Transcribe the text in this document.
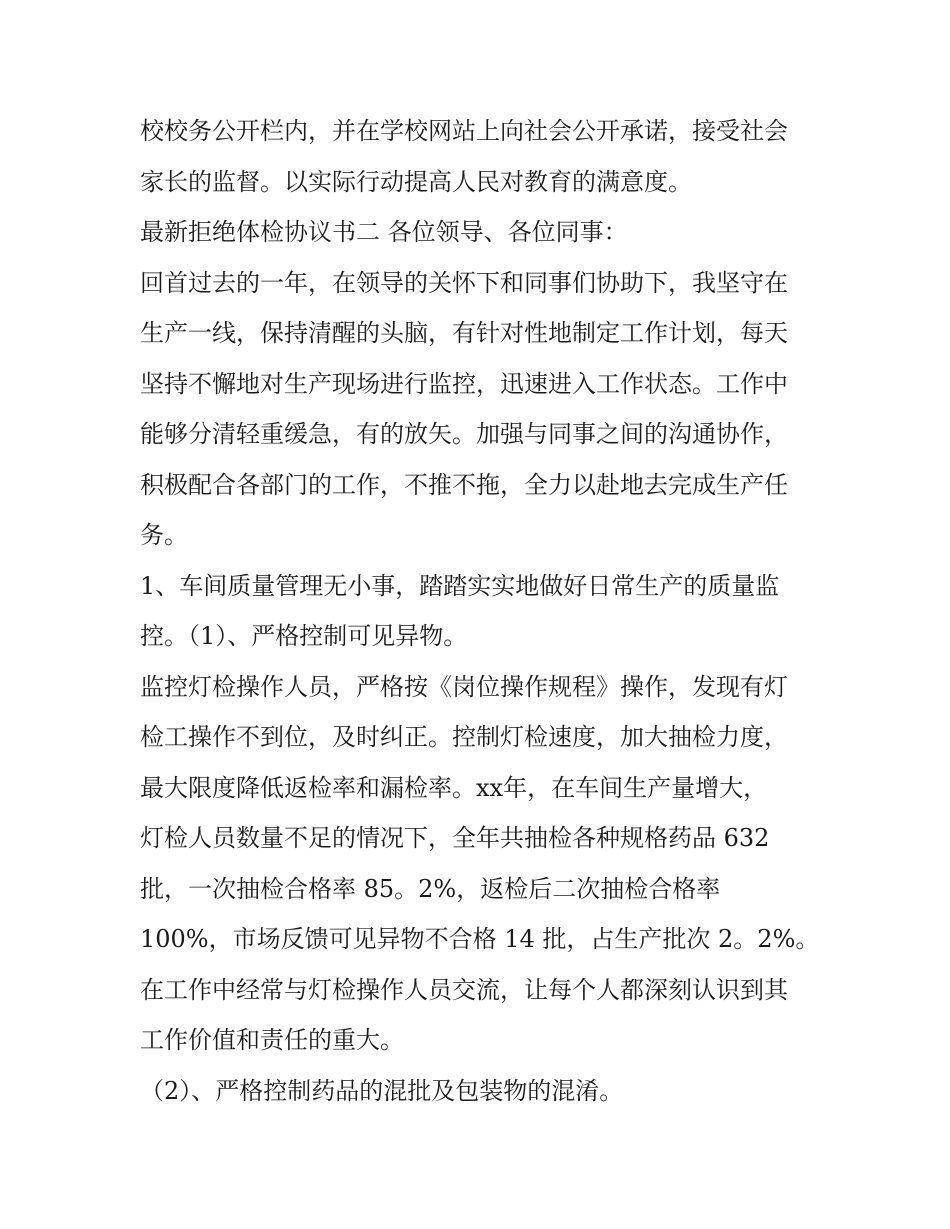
校校务公开栏内，并在学校网站上向社会公开承诺，接受社会
家长的监督。以实际行动提高人民对教育的满意度。
最新拒绝体检协议书二 各位领导、各位同事：
回首过去的一年，在领导的关怀下和同事们协助下，我坚守在
生产一线，保持清醒的头脑，有针对性地制定工作计划，每天
坚持不懈地对生产现场进行监控，迅速进入工作状态。工作中
能够分清轻重缓急，有的放矢。加强与同事之间的沟通协作，
积极配合各部门的工作，不推不拖，全力以赴地去完成生产任
务。
1、车间质量管理无小事，踏踏实实地做好日常生产的质量监
控。（1）、严格控制可见异物。
监控灯检操作人员，严格按《岗位操作规程》操作，发现有灯
检工操作不到位，及时纠正。控制灯检速度，加大抽检力度，
最大限度降低返检率和漏检率。xx年，在车间生产量增大，
灯检人员数量不足的情况下，全年共抽检各种规格药品 632
批，一次抽检合格率 85。2%，返检后二次抽检合格率
100%，市场反馈可见异物不合格 14 批，占生产批次 2。2%。
在工作中经常与灯检操作人员交流，让每个人都深刻认识到其
工作价值和责任的重大。
（2）、严格控制药品的混批及包装物的混淆。
